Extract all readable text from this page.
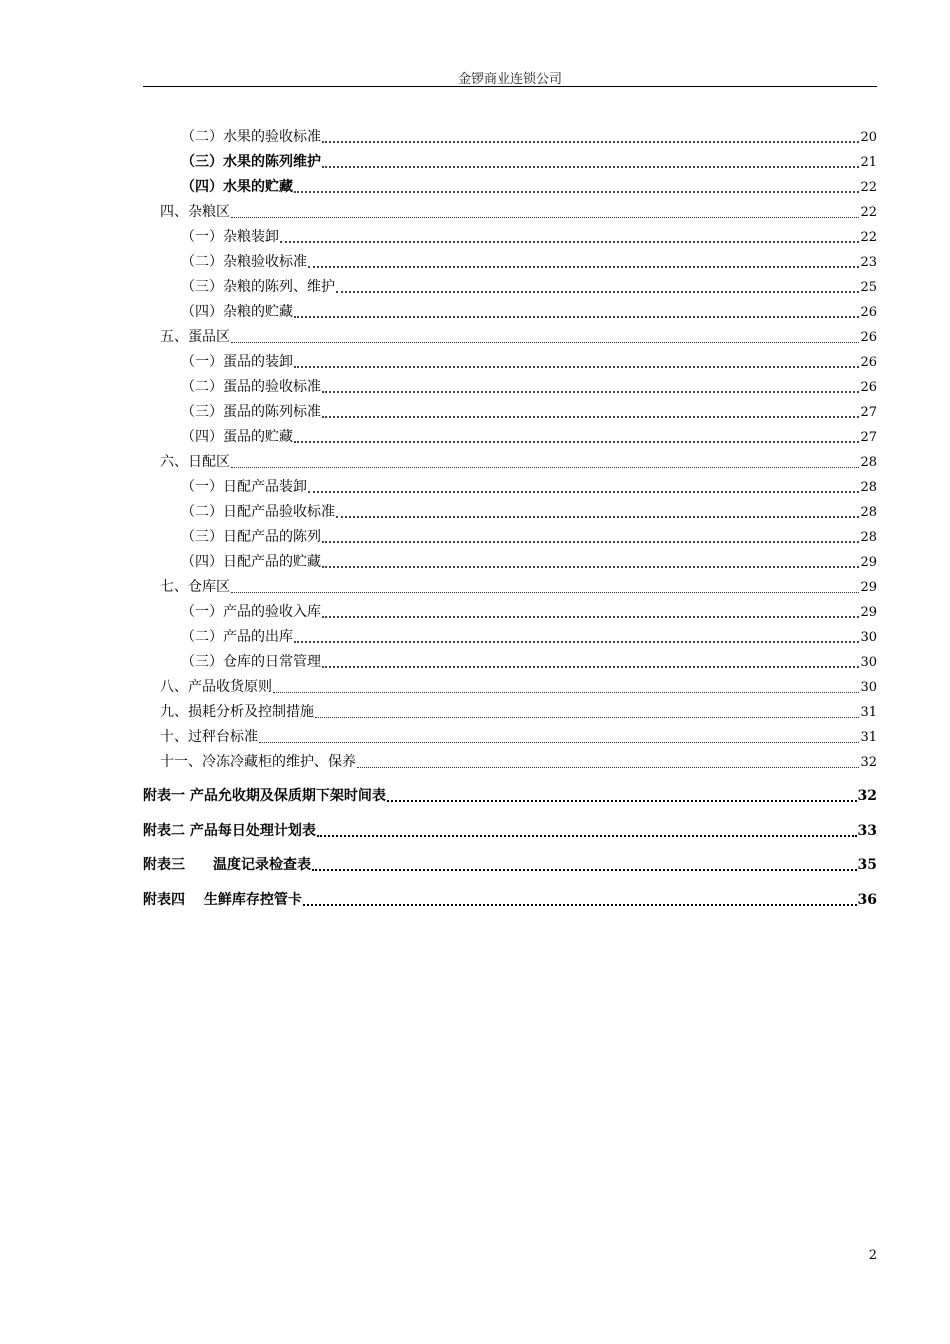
金锣商业连锁公司
（二）水果的验收标准	20
（三）水果的陈列维护	21
（四）水果的贮藏	22
四、杂粮区	22
（一）杂粮装卸	22
（二）杂粮验收标准	23
（三）杂粮的陈列、维护	25
（四）杂粮的贮藏	26
五、蛋品区	26
（一）蛋品的装卸	26
（二）蛋品的验收标准	26
（三）蛋品的陈列标准	27
（四）蛋品的贮藏	27
六、日配区	28
（一）日配产品装卸	28
（二）日配产品验收标准	28
（三）日配产品的陈列	28
（四）日配产品的贮藏	29
七、仓库区	29
（一）产品的验收入库	29
（二）产品的出库	30
（三）仓库的日常管理	30
八、产品收货原则	30
九、损耗分析及控制措施	31
十、过秤台标准	31
十一、冷冻冷藏柜的维护、保养	32
附表一 产品允收期及保质期下架时间表	32
附表二 产品每日处理计划表	33
附表三　　温度记录检查表	35
附表四　 生鲜库存控管卡	36
2
